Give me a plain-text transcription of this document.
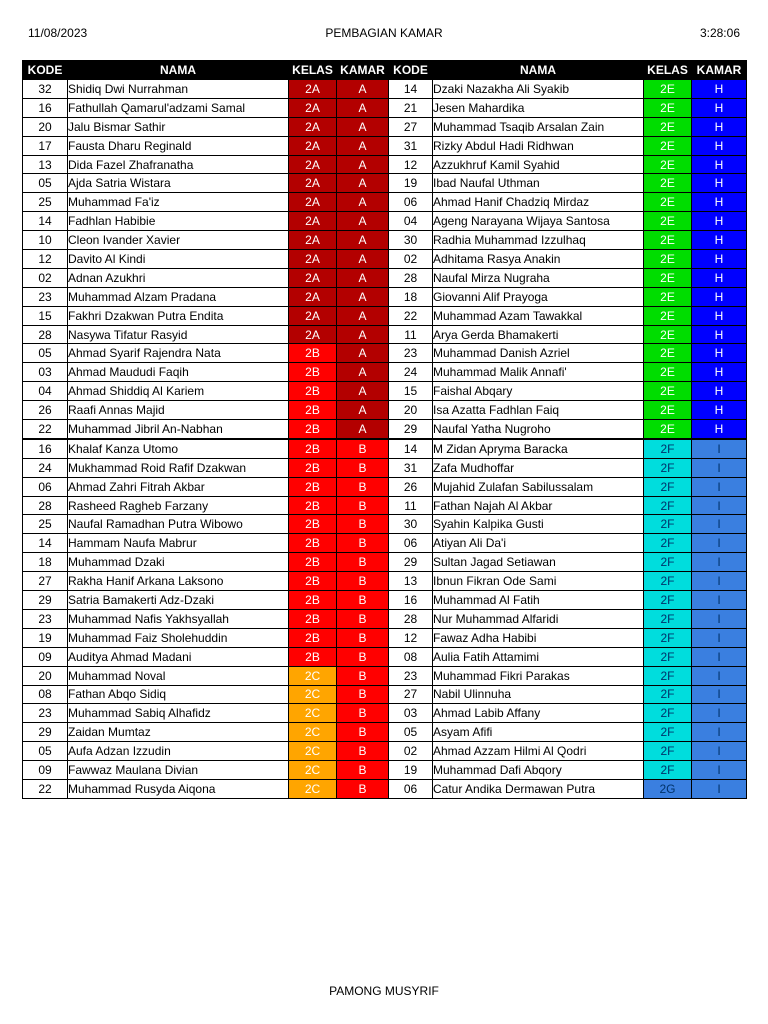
11/08/2023	PEMBAGIAN KAMAR	3:28:06
KODE	NAMA	KELAS	KAMAR	KODE	NAMA	KELAS	KAMAR
32	Shidiq Dwi Nurrahman	2A	A	14	Dzaki Nazakha Ali Syakib	2E	H
16	Fathullah Qamarul'adzami Samal	2A	A	21	Jesen Mahardika	2E	H
20	Jalu Bismar Sathir	2A	A	27	Muhammad Tsaqib Arsalan Zain	2E	H
17	Fausta Dharu Reginald	2A	A	31	Rizky Abdul Hadi Ridhwan	2E	H
13	Dida Fazel Zhafranatha	2A	A	12	Azzukhruf Kamil Syahid	2E	H
05	Ajda Satria Wistara	2A	A	19	Ibad Naufal Uthman	2E	H
25	Muhammad Fa'iz	2A	A	06	Ahmad Hanif Chadziq Mirdaz	2E	H
14	Fadhlan Habibie	2A	A	04	Ageng Narayana Wijaya Santosa	2E	H
10	Cleon Ivander Xavier	2A	A	30	Radhia Muhammad Izzulhaq	2E	H
12	Davito Al Kindi	2A	A	02	Adhitama Rasya Anakin	2E	H
02	Adnan Azukhri	2A	A	28	Naufal Mirza Nugraha	2E	H
23	Muhammad Alzam Pradana	2A	A	18	Giovanni Alif Prayoga	2E	H
15	Fakhri Dzakwan Putra Endita	2A	A	22	Muhammad Azam Tawakkal	2E	H
28	Nasywa Tifatur Rasyid	2A	A	11	Arya Gerda Bhamakerti	2E	H
05	Ahmad Syarif Rajendra Nata	2B	A	23	Muhammad Danish Azriel	2E	H
03	Ahmad Maududi Faqih	2B	A	24	Muhammad Malik Annafi'	2E	H
04	Ahmad Shiddiq Al Kariem	2B	A	15	Faishal Abqary	2E	H
26	Raafi Annas Majid	2B	A	20	Isa Azatta Fadhlan Faiq	2E	H
22	Muhammad Jibril An-Nabhan	2B	A	29	Naufal Yatha Nugroho	2E	H
16	Khalaf Kanza Utomo	2B	B	14	M Zidan Apryma Baracka	2F	I
24	Mukhammad Roid Rafif Dzakwan	2B	B	31	Zafa Mudhoffar	2F	I
06	Ahmad Zahri Fitrah Akbar	2B	B	26	Mujahid Zulafan Sabilussalam	2F	I
28	Rasheed Ragheb Farzany	2B	B	11	Fathan Najah Al Akbar	2F	I
25	Naufal Ramadhan Putra Wibowo	2B	B	30	Syahin Kalpika Gusti	2F	I
14	Hammam Naufa Mabrur	2B	B	06	Atiyan Ali Da'i	2F	I
18	Muhammad Dzaki	2B	B	29	Sultan Jagad Setiawan	2F	I
27	Rakha Hanif Arkana Laksono	2B	B	13	Ibnun Fikran Ode Sami	2F	I
29	Satria Bamakerti Adz-Dzaki	2B	B	16	Muhammad Al Fatih	2F	I
23	Muhammad Nafis Yakhsyallah	2B	B	28	Nur Muhammad Alfaridi	2F	I
19	Muhammad Faiz Sholehuddin	2B	B	12	Fawaz Adha Habibi	2F	I
09	Auditya Ahmad Madani	2B	B	08	Aulia Fatih Attamimi	2F	I
20	Muhammad Noval	2C	B	23	Muhammad Fikri Parakas	2F	I
08	Fathan Abqo Sidiq	2C	B	27	Nabil Ulinnuha	2F	I
23	Muhammad Sabiq Alhafidz	2C	B	03	Ahmad Labib Affany	2F	I
29	Zaidan Mumtaz	2C	B	05	Asyam Afifi	2F	I
05	Aufa Adzan Izzudin	2C	B	02	Ahmad Azzam Hilmi Al Qodri	2F	I
09	Fawwaz Maulana Divian	2C	B	19	Muhammad Dafi Abqory	2F	I
22	Muhammad Rusyda Aiqona	2C	B	06	Catur Andika Dermawan Putra	2G	I
PAMONG MUSYRIF
